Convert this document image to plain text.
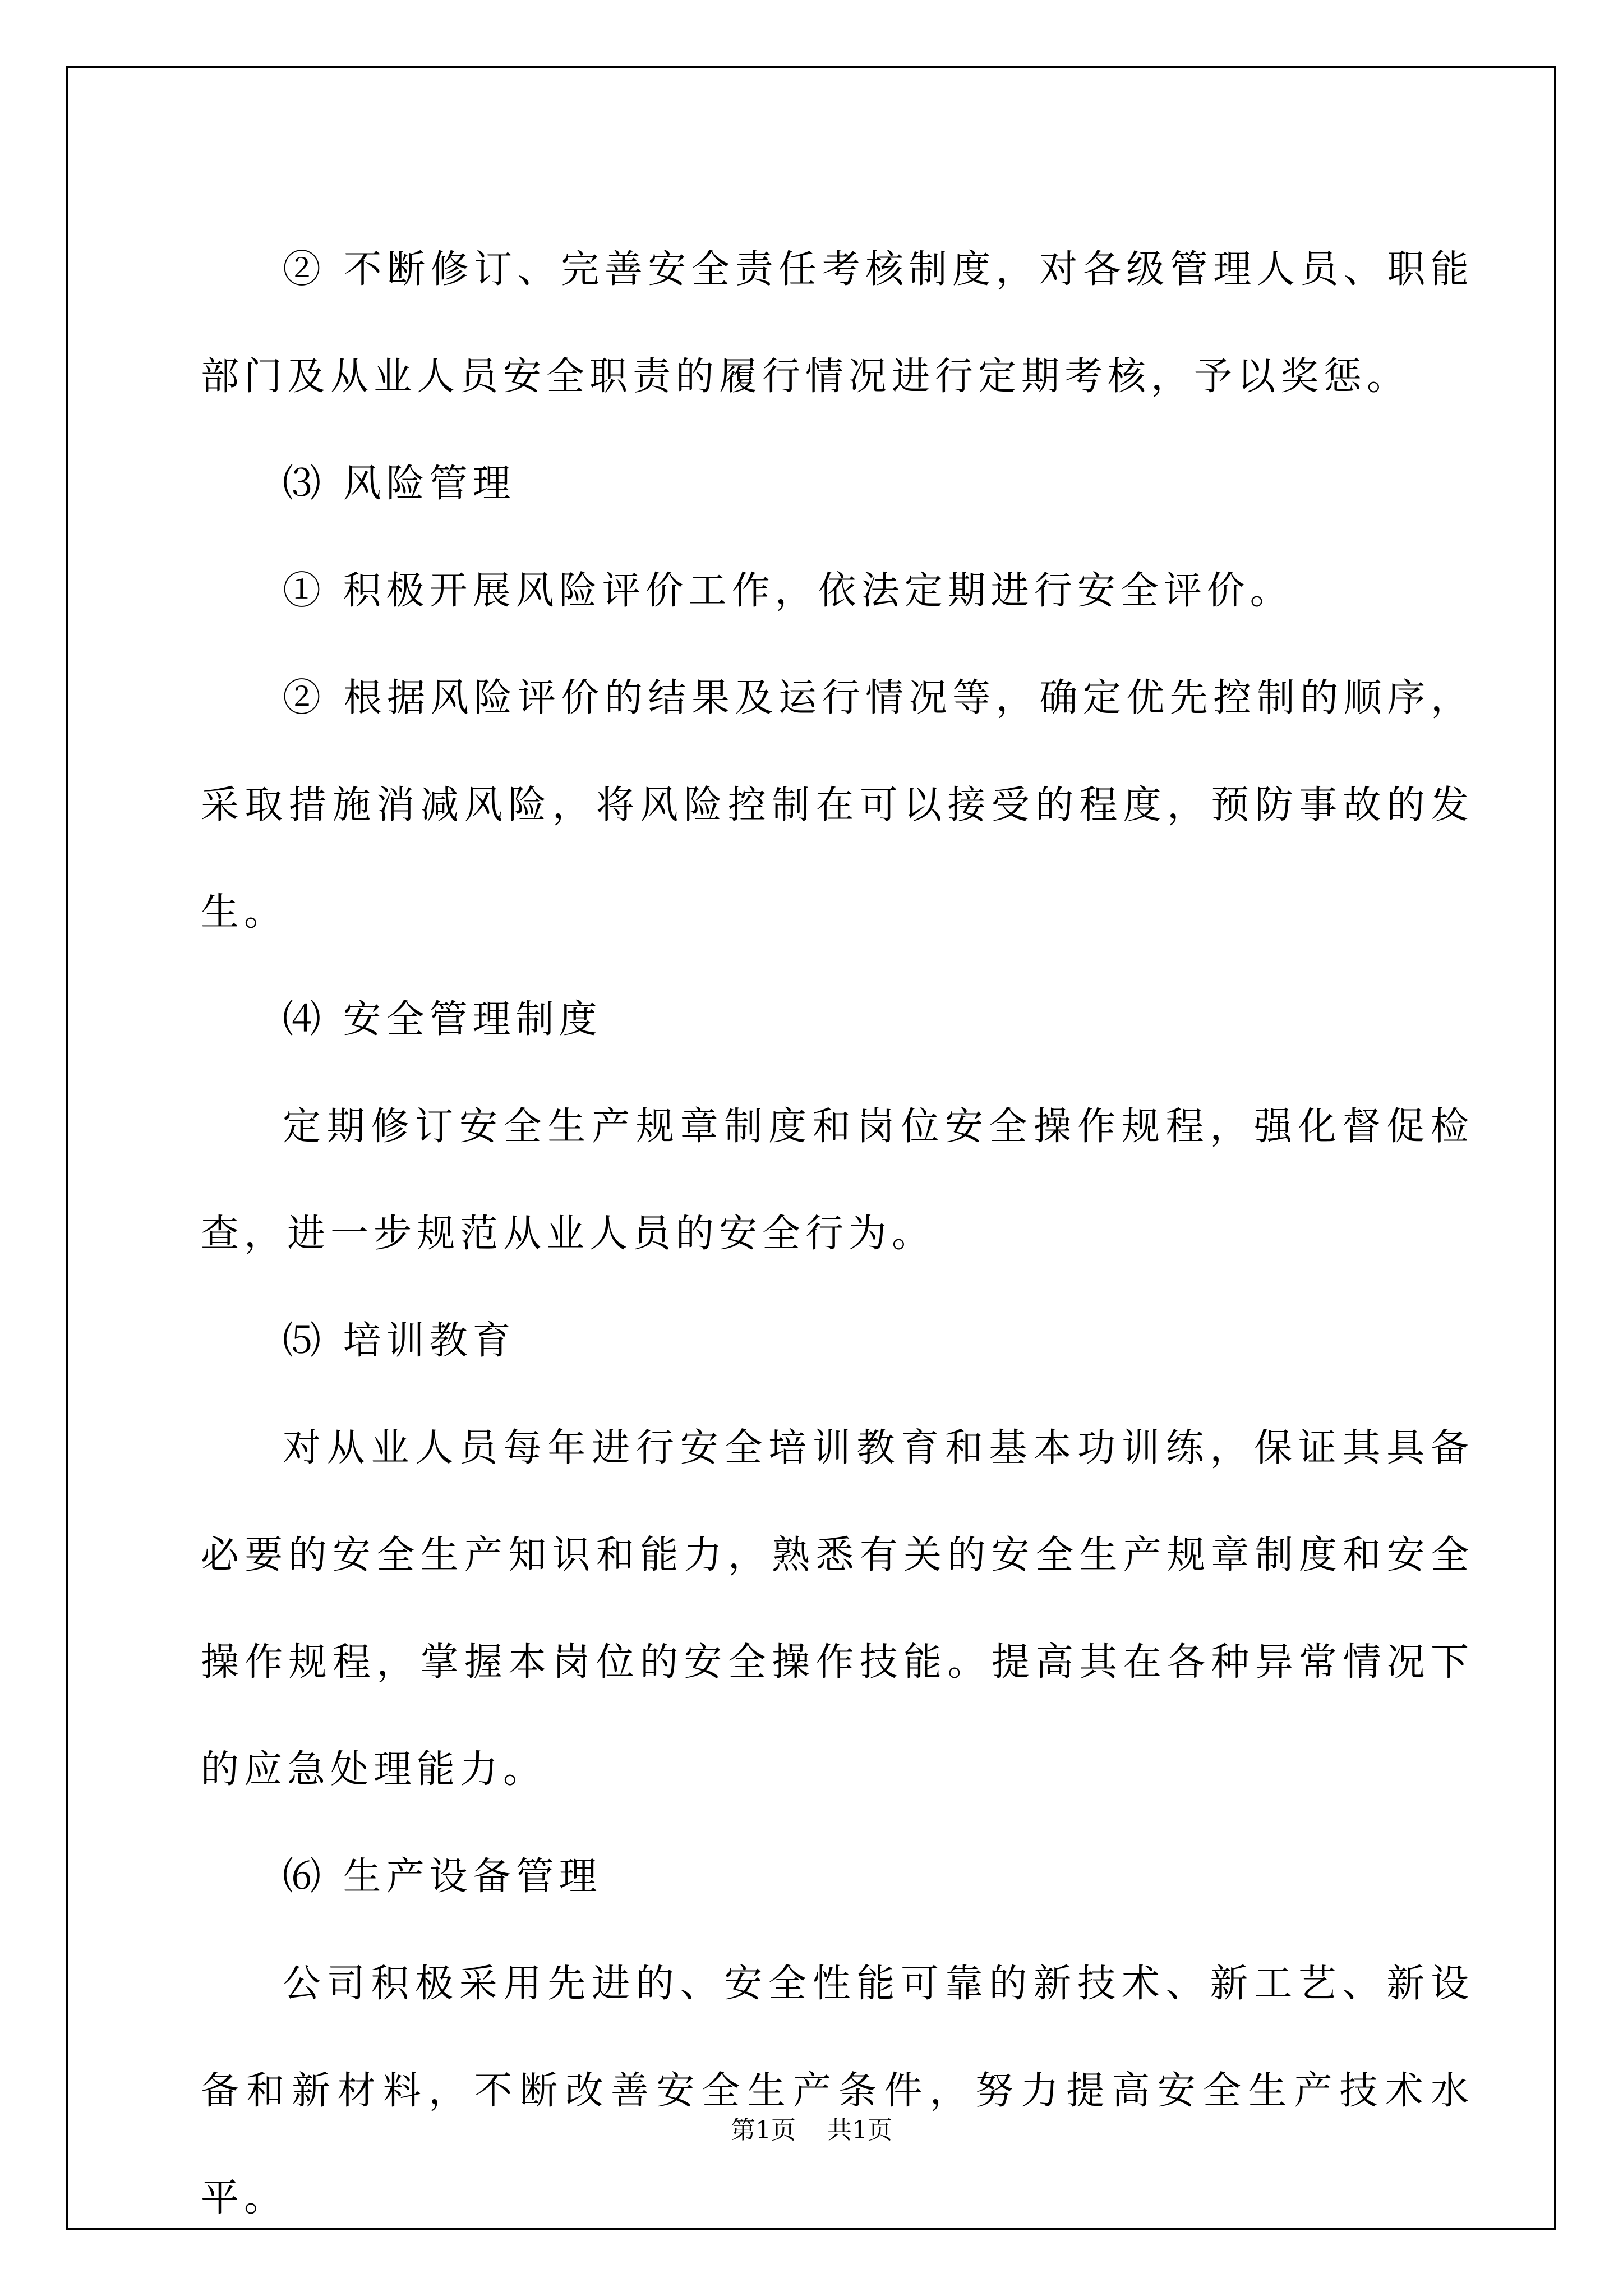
② 不断修订、完善安全责任考核制度，对各级管理人员、职能部门及从业人员安全职责的履行情况进行定期考核，予以奖惩。

⑶ 风险管理

① 积极开展风险评价工作，依法定期进行安全评价。

② 根据风险评价的结果及运行情况等，确定优先控制的顺序，采取措施消减风险，将风险控制在可以接受的程度，预防事故的发生。

⑷ 安全管理制度

定期修订安全生产规章制度和岗位安全操作规程，强化督促检查，进一步规范从业人员的安全行为。

⑸ 培训教育

对从业人员每年进行安全培训教育和基本功训练，保证其具备必要的安全生产知识和能力，熟悉有关的安全生产规章制度和安全操作规程，掌握本岗位的安全操作技能。提高其在各种异常情况下的应急处理能力。

⑹ 生产设备管理

公司积极采用先进的、安全性能可靠的新技术、新工艺、新设备和新材料，不断改善安全生产条件，努力提高安全生产技术水平。

第1页 共1页
